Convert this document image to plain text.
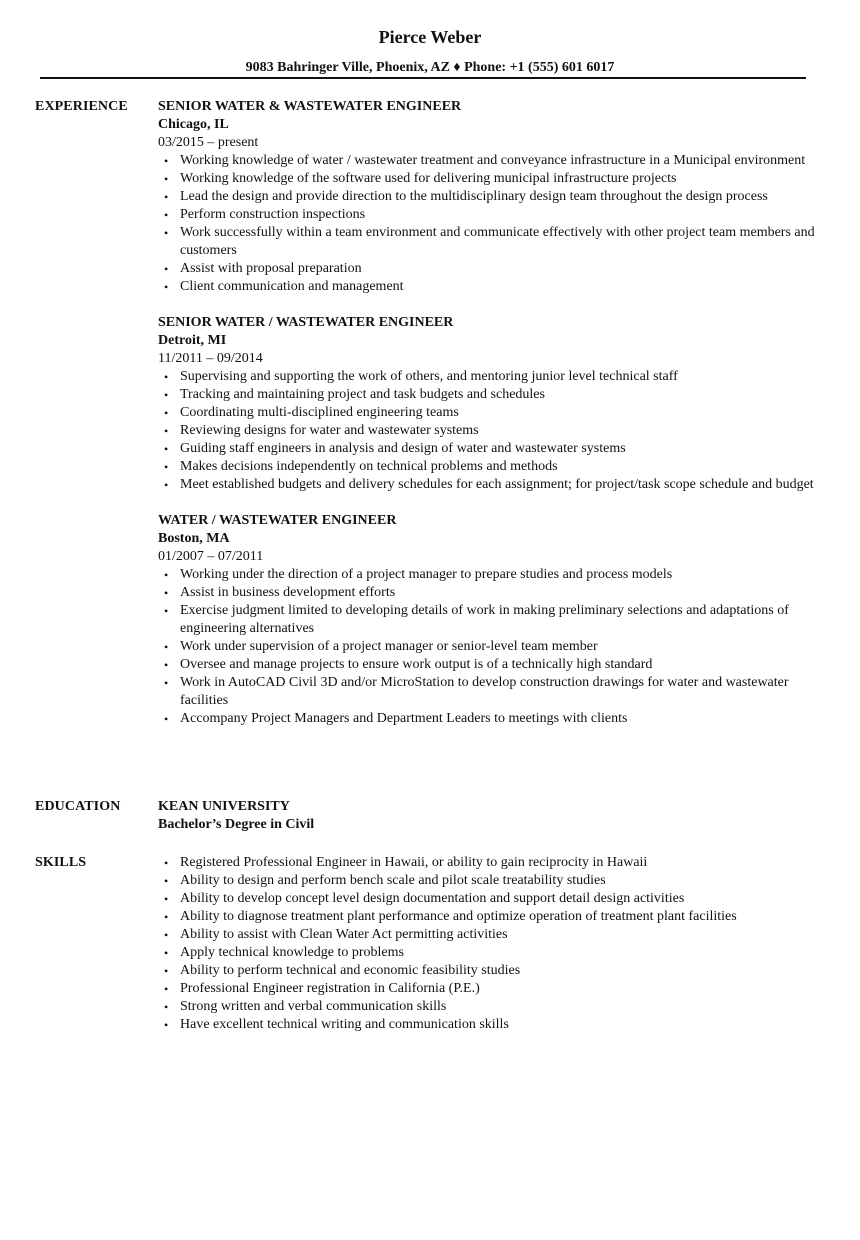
Pierce Weber
9083 Bahringer Ville, Phoenix, AZ ♦ Phone: +1 (555) 601 6017
EXPERIENCE SENIOR WATER & WASTEWATER ENGINEER
Chicago, IL
03/2015 – present
• Working knowledge of water / wastewater treatment and conveyance infrastructure in a Municipal environment
• Working knowledge of the software used for delivering municipal infrastructure projects
• Lead the design and provide direction to the multidisciplinary design team throughout the design process
• Perform construction inspections
• Work successfully within a team environment and communicate effectively with other project team members and customers
• Assist with proposal preparation
• Client communication and management
SENIOR WATER / WASTEWATER ENGINEER
Detroit, MI
11/2011 – 09/2014
• Supervising and supporting the work of others, and mentoring junior level technical staff
• Tracking and maintaining project and task budgets and schedules
• Coordinating multi-disciplined engineering teams
• Reviewing designs for water and wastewater systems
• Guiding staff engineers in analysis and design of water and wastewater systems
• Makes decisions independently on technical problems and methods
• Meet established budgets and delivery schedules for each assignment; for project/task scope schedule and budget
WATER / WASTEWATER ENGINEER
Boston, MA
01/2007 – 07/2011
• Working under the direction of a project manager to prepare studies and process models
• Assist in business development efforts
• Exercise judgment limited to developing details of work in making preliminary selections and adaptations of engineering alternatives
• Work under supervision of a project manager or senior-level team member
• Oversee and manage projects to ensure work output is of a technically high standard
• Work in AutoCAD Civil 3D and/or MicroStation to develop construction drawings for water and wastewater facilities
• Accompany Project Managers and Department Leaders to meetings with clients
EDUCATION	KEAN UNIVERSITY
Bachelor’s Degree in Civil
SKILLS
•	Registered Professional Engineer in Hawaii, or ability to gain reciprocity in Hawaii
• Ability to design and perform bench scale and pilot scale treatability studies
• Ability to develop concept level design documentation and support detail design activities
• Ability to diagnose treatment plant performance and optimize operation of treatment plant facilities
• Ability to assist with Clean Water Act permitting activities
• Apply technical knowledge to problems
• Ability to perform technical and economic feasibility studies
• Professional Engineer registration in California (P.E.)
• Strong written and verbal communication skills
• Have excellent technical writing and communication skills
